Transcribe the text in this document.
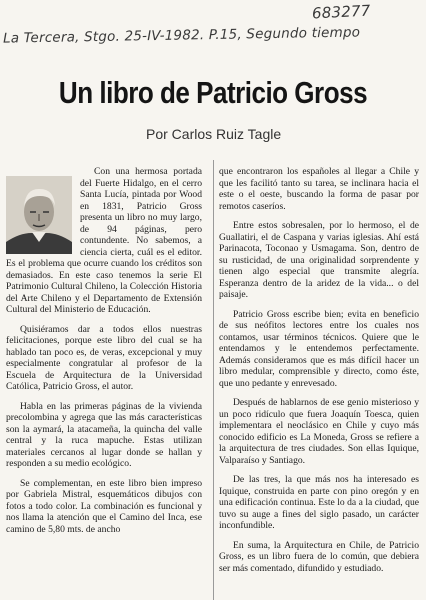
683277
La Tercera, Stgo. 25-IV-1982. P.15, Segundo tiempo
Un libro de Patricio Gross
Por Carlos Ruiz Tagle

Con una hermosa portada del Fuerte Hidalgo, en el cerro Santa Lucía, pintada por Wood en 1831, Patricio Gross presenta un libro no muy largo, de 94 páginas, pero contundente. No sabemos, a ciencia cierta, cuál es el editor. Es el problema que ocurre cuando los créditos son demasiados. En este caso tenemos la serie El Patrimonio Cultural Chileno, la Colección Historia del Arte Chileno y el Departamento de Extensión Cultural del Ministerio de Educación.

Quisiéramos dar a todos ellos nuestras felicitaciones, porque este libro del cual se ha hablado tan poco es, de veras, excepcional y muy especialmente congratular al profesor de la Escuela de Arquitectura de la Universidad Católica, Patricio Gross, el autor.

Habla en las primeras páginas de la vivienda precolombina y agrega que las más características son la aymará, la atacameña, la quincha del valle central y la ruca mapuche. Estas utilizan materiales cercanos al lugar donde se hallan y responden a su medio ecológico.

Se complementan, en este libro bien impreso por Gabriela Mistral, esquemáticos dibujos con fotos a todo color. La combinación es funcional y nos llama la atención que el Camino del Inca, ese camino de 5,80 mts. de ancho

que encontraron los españoles al llegar a Chile y que les facilitó tanto su tarea, se inclinara hacia el este o el oeste, buscando la forma de pasar por remotos caseríos.

Entre estos sobresalen, por lo hermoso, el de Guallatiri, el de Caspana y varias iglesias. Ahí está Parinacota, Toconao y Usmagama. Son, dentro de su rusticidad, de una originalidad sorprendente y tienen algo especial que transmite alegría. Esperanza dentro de la aridez de la vida... o del paisaje.

Patricio Gross escribe bien; evita en beneficio de sus neófitos lectores entre los cuales nos contamos, usar términos técnicos. Quiere que le entendamos y le entendemos perfectamente. Además consideramos que es más difícil hacer un libro medular, comprensible y directo, como éste, que uno pedante y enrevesado.

Después de hablarnos de ese genio misterioso y un poco ridículo que fuera Joaquín Toesca, quien implementara el neoclásico en Chile y cuyo más conocido edificio es La Moneda, Gross se refiere a la arquitectura de tres ciudades. Son ellas Iquique, Valparaíso y Santiago.

De las tres, la que más nos ha interesado es Iquique, construida en parte con pino oregón y en una edificación continua. Este lo da a la ciudad, que tuvo su auge a fines del siglo pasado, un carácter inconfundible.

En suma, la Arquitectura en Chile, de Patricio Gross, es un libro fuera de lo común, que debiera ser más comentado, difundido y estudiado.
